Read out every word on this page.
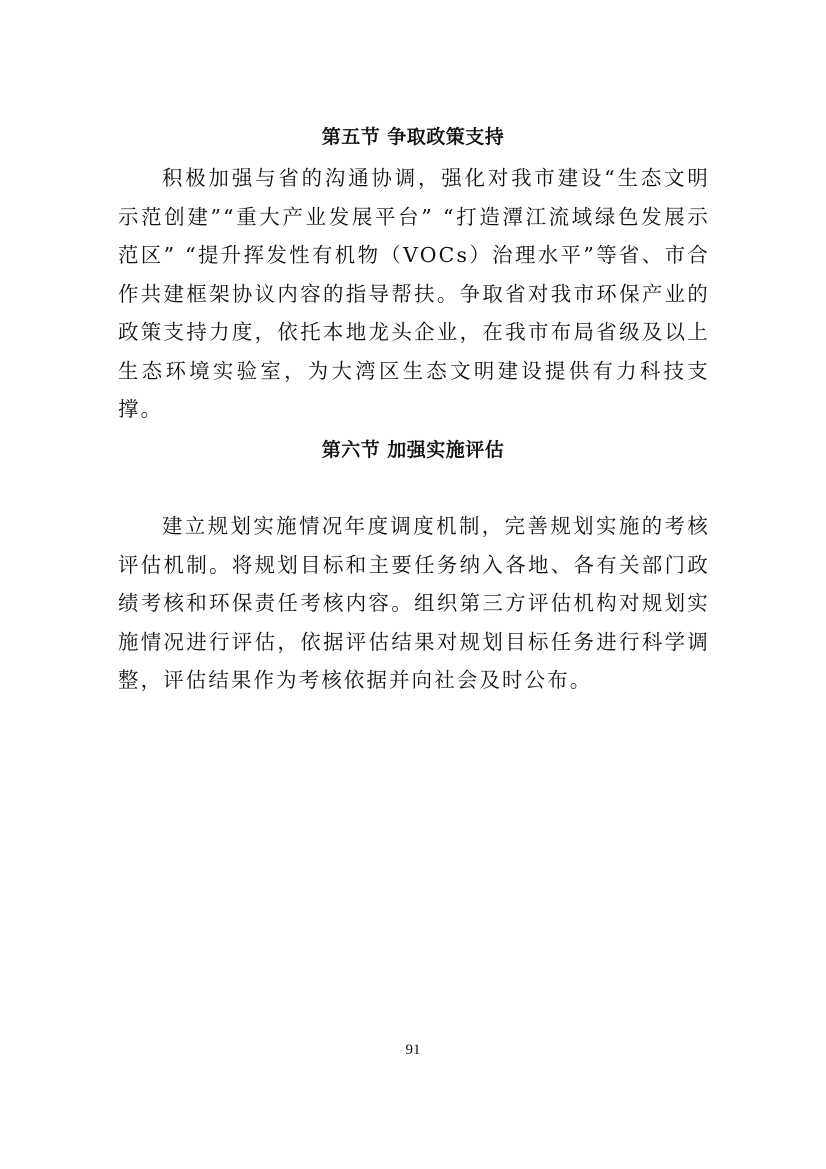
第五节 争取政策支持

积极加强与省的沟通协调，强化对我市建设“生态文明示范创建”“重大产业发展平台” “打造潭江流域绿色发展示范区” “提升挥发性有机物（VOCs）治理水平”等省、市合作共建框架协议内容的指导帮扶。争取省对我市环保产业的政策支持力度，依托本地龙头企业，在我市布局省级及以上生态环境实验室，为大湾区生态文明建设提供有力科技支撑。

第六节 加强实施评估

建立规划实施情况年度调度机制，完善规划实施的考核评估机制。将规划目标和主要任务纳入各地、各有关部门政绩考核和环保责任考核内容。组织第三方评估机构对规划实施情况进行评估，依据评估结果对规划目标任务进行科学调整，评估结果作为考核依据并向社会及时公布。

91
